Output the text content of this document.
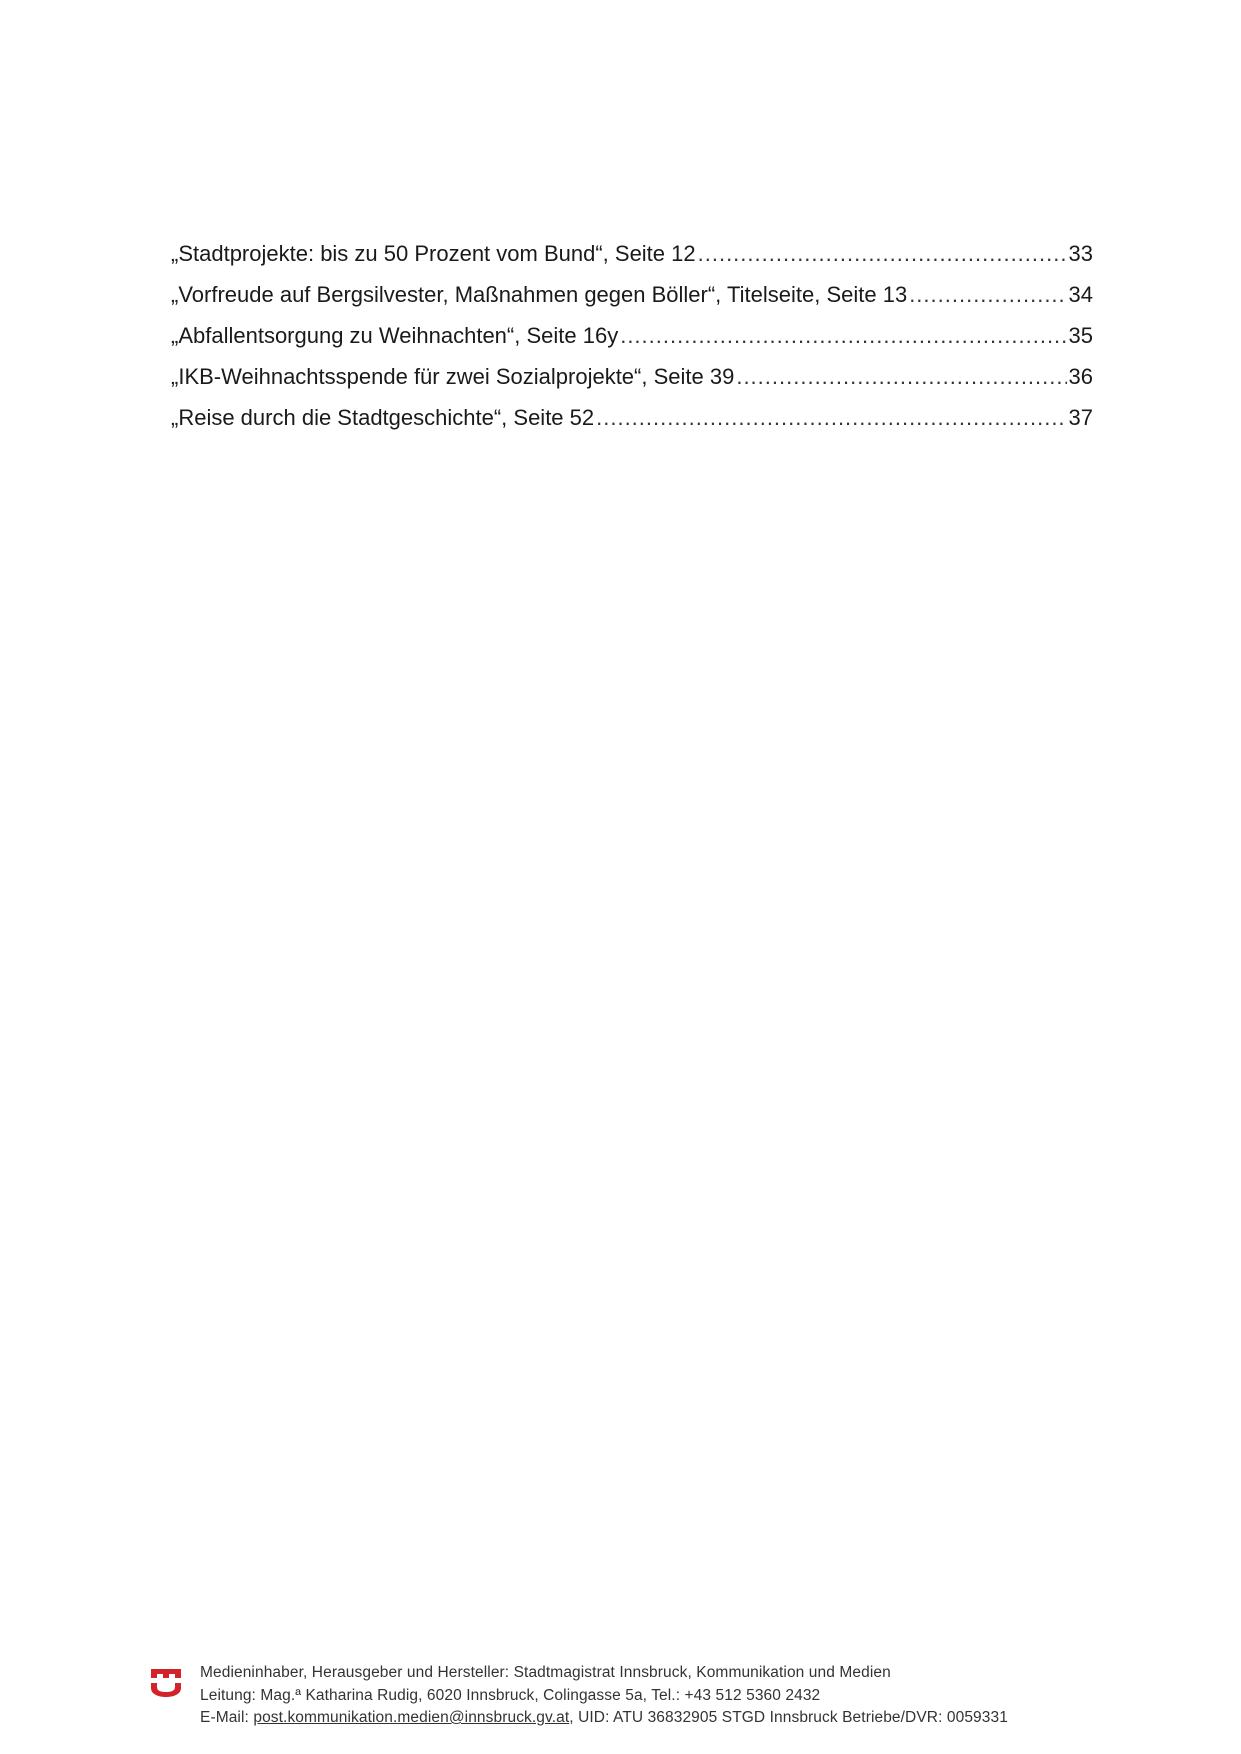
„Stadtprojekte: bis zu 50 Prozent vom Bund“, Seite 12 .....	33
„Vorfreude auf Bergsilvester, Maßnahmen gegen Böller“, Titelseite, Seite 13 .....	34
„Abfallentsorgung zu Weihnachten“, Seite 16y .....	35
„IKB-Weihnachtsspende für zwei Sozialprojekte“, Seite 39 .....	36
„Reise durch die Stadtgeschichte“, Seite 52 .....	37
Medieninhaber, Herausgeber und Hersteller: Stadtmagistrat Innsbruck, Kommunikation und Medien
Leitung: Mag.ª Katharina Rudig, 6020 Innsbruck, Colingasse 5a, Tel.: +43 512 5360 2432
E-Mail: post.kommunikation.medien@innsbruck.gv.at, UID: ATU 36832905 STGD Innsbruck Betriebe/DVR: 0059331
